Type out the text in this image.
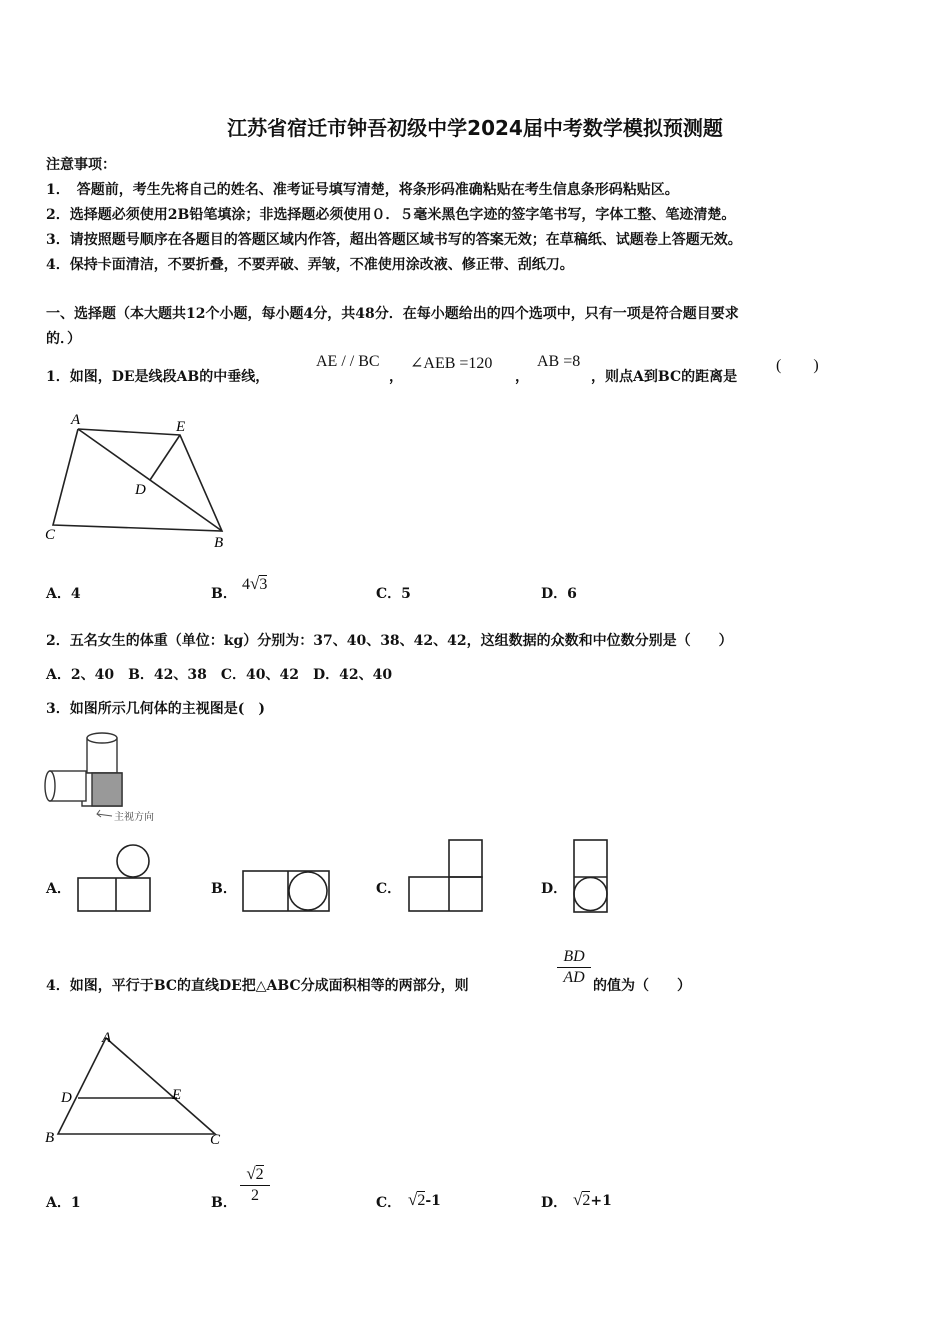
江苏省宿迁市钟吾初级中学2024届中考数学模拟预测题
注意事项：
1．　答题前，考生先将自己的姓名、准考证号填写清楚，将条形码准确粘贴在考生信息条形码粘贴区。
2．选择题必须使用2B铅笔填涂；非选择题必须使用０．５毫米黑色字迹的签字笔书写，字体工整、笔迹清楚。
3．请按照题号顺序在各题目的答题区域内作答，超出答题区域书写的答案无效；在草稿纸、试题卷上答题无效。
4．保持卡面清洁，不要折叠，不要弄破、弄皱，不准使用涂改液、修正带、刮纸刀。
一、选择题（本大题共12个小题，每小题4分，共48分．在每小题给出的四个选项中，只有一项是符合题目要求
的．）
1．如图，DE是线段AB的中垂线，
AE / / BC
，
∠AEB =120
，
AB =8
，则点A到BC的距离是
(　　)
A	E
D
C	B
A．4	B．
4√3
C．5	D．6
2．五名女生的体重（单位：kg）分别为：37、40、38、42、42，这组数据的众数和中位数分别是（　　）
A．2、40　B．42、38　C．40、42　D．42、40
3．如图所示几何体的主视图是(　)
主视方向
A．	B．	C．	D．
4．如图，平行于BC的直线DE把△ABC分成面积相等的两部分，则
BD
AD 的值为（　　）
A
D	E
B	C
A．1	B．
√2
2	C． √2-1	D． √2+1
